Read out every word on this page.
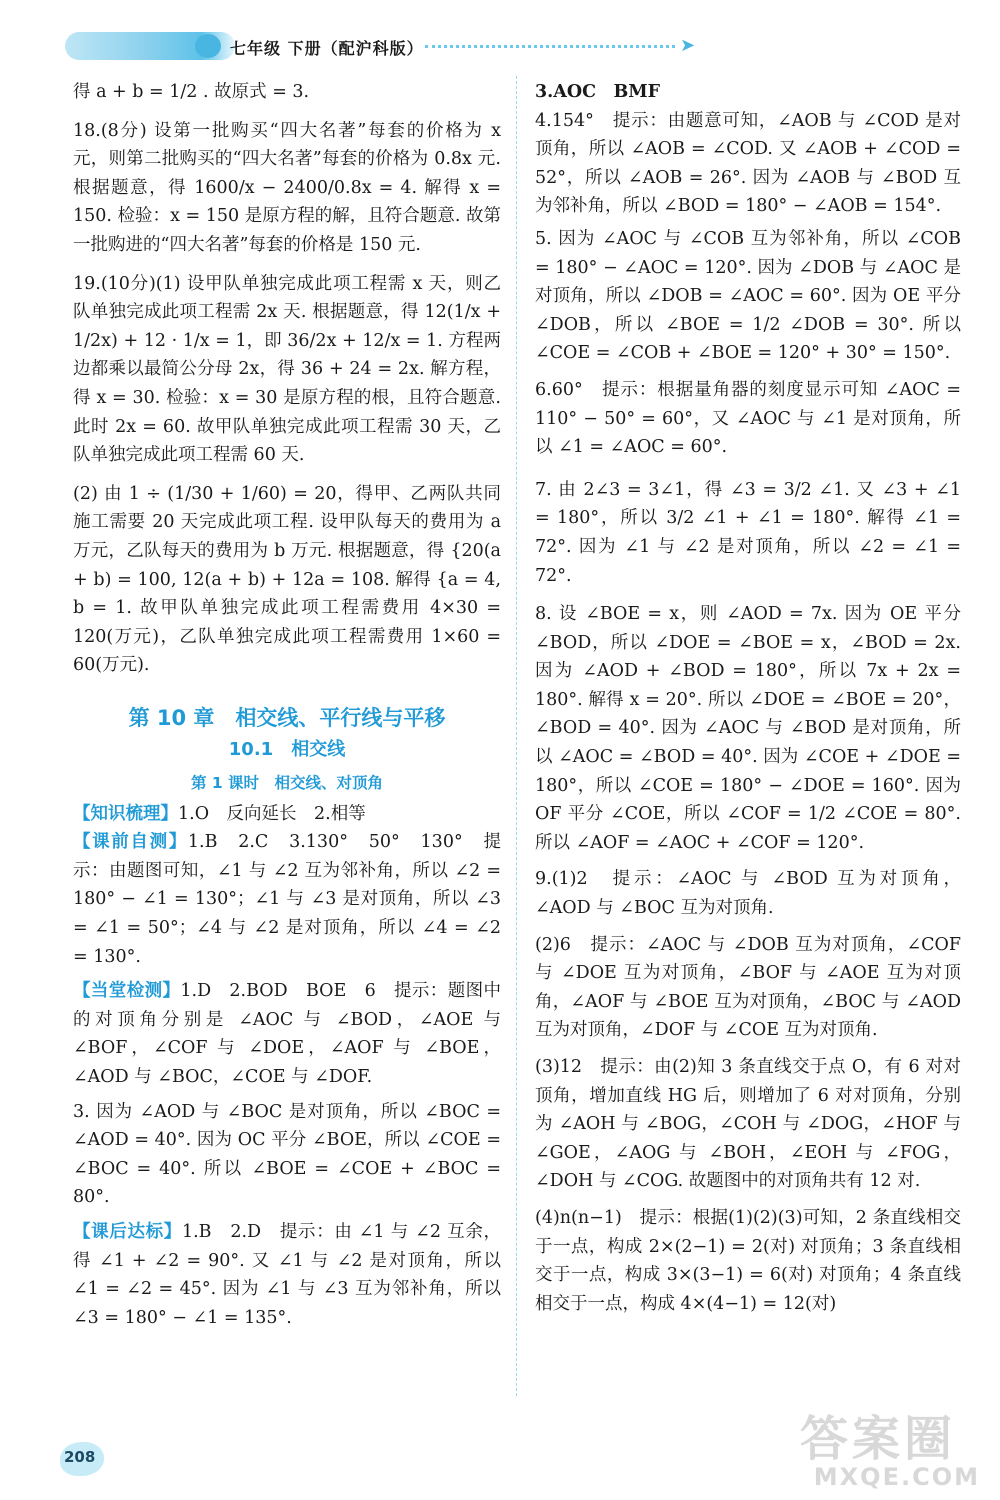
七年级 下册（配沪科版）	➤

得 a + b = 1/2 . 故原式 = 3.

18.(8分) 设第一批购买“四大名著”每套的价格为 x 元，则第二批购买的“四大名著”每套的价格为 0.8x 元. 根据题意，得 1600/x − 2400/0.8x = 4. 解得 x = 150. 检验：x = 150 是原方程的解，且符合题意. 故第一批购进的“四大名著”每套的价格是 150 元.

19.(10分)(1) 设甲队单独完成此项工程需 x 天，则乙队单独完成此项工程需 2x 天. 根据题意，得 12(1/x + 1/2x) + 12 · 1/x = 1，即 36/2x + 12/x = 1. 方程两边都乘以最简公分母 2x，得 36 + 24 = 2x. 解方程，得 x = 30. 检验：x = 30 是原方程的根，且符合题意. 此时 2x = 60. 故甲队单独完成此项工程需 30 天，乙队单独完成此项工程需 60 天.

(2) 由 1 ÷ (1/30 + 1/60) = 20，得甲、乙两队共同施工需要 20 天完成此项工程. 设甲队每天的费用为 a 万元，乙队每天的费用为 b 万元. 根据题意，得 {20(a + b) = 100, 12(a + b) + 12a = 108. 解得 {a = 4, b = 1. 故甲队单独完成此项工程需费用 4×30 = 120(万元)，乙队单独完成此项工程需费用 1×60 = 60(万元).

第 10 章　相交线、平行线与平移
10.1　相交线
第 1 课时　相交线、对顶角

【知识梳理】1.O　反向延长　2.相等

【课前自测】1.B　2.C　3.130°　50°　130°　提示：由题图可知，∠1 与 ∠2 互为邻补角，所以 ∠2 = 180° − ∠1 = 130°；∠1 与 ∠3 是对顶角，所以 ∠3 = ∠1 = 50°；∠4 与 ∠2 是对顶角，所以 ∠4 = ∠2 = 130°.

【当堂检测】1.D　2.BOD　BOE　6　提示：题图中的对顶角分别是 ∠AOC 与 ∠BOD，∠AOE 与 ∠BOF，∠COF 与 ∠DOE，∠AOF 与 ∠BOE，∠AOD 与 ∠BOC，∠COE 与 ∠DOF.

3. 因为 ∠AOD 与 ∠BOC 是对顶角，所以 ∠BOC = ∠AOD = 40°. 因为 OC 平分 ∠BOE，所以 ∠COE = ∠BOC = 40°. 所以 ∠BOE = ∠COE + ∠BOC = 80°.

【课后达标】1.B　2.D　提示：由 ∠1 与 ∠2 互余，得 ∠1 + ∠2 = 90°. 又 ∠1 与 ∠2 是对顶角，所以 ∠1 = ∠2 = 45°. 因为 ∠1 与 ∠3 互为邻补角，所以 ∠3 = 180° − ∠1 = 135°.

3.AOC　BMF

4.154°　提示：由题意可知，∠AOB 与 ∠COD 是对顶角，所以 ∠AOB = ∠COD. 又 ∠AOB + ∠COD = 52°，所以 ∠AOB = 26°. 因为 ∠AOB 与 ∠BOD 互为邻补角，所以 ∠BOD = 180° − ∠AOB = 154°.

5. 因为 ∠AOC 与 ∠COB 互为邻补角，所以 ∠COB = 180° − ∠AOC = 120°. 因为 ∠DOB 与 ∠AOC 是对顶角，所以 ∠DOB = ∠AOC = 60°. 因为 OE 平分 ∠DOB，所以 ∠BOE = 1/2 ∠DOB = 30°. 所以 ∠COE = ∠COB + ∠BOE = 120° + 30° = 150°.

6.60°　提示：根据量角器的刻度显示可知 ∠AOC = 110° − 50° = 60°，又 ∠AOC 与 ∠1 是对顶角，所以 ∠1 = ∠AOC = 60°.

7. 由 2∠3 = 3∠1，得 ∠3 = 3/2 ∠1. 又 ∠3 + ∠1 = 180°，所以 3/2 ∠1 + ∠1 = 180°. 解得 ∠1 = 72°. 因为 ∠1 与 ∠2 是对顶角，所以 ∠2 = ∠1 = 72°.

8. 设 ∠BOE = x，则 ∠AOD = 7x. 因为 OE 平分 ∠BOD，所以 ∠DOE = ∠BOE = x，∠BOD = 2x. 因为 ∠AOD + ∠BOD = 180°，所以 7x + 2x = 180°. 解得 x = 20°. 所以 ∠DOE = ∠BOE = 20°，∠BOD = 40°. 因为 ∠AOC 与 ∠BOD 是对顶角，所以 ∠AOC = ∠BOD = 40°. 因为 ∠COE + ∠DOE = 180°，所以 ∠COE = 180° − ∠DOE = 160°. 因为 OF 平分 ∠COE，所以 ∠COF = 1/2 ∠COE = 80°. 所以 ∠AOF = ∠AOC + ∠COF = 120°.

9.(1)2　提示：∠AOC 与 ∠BOD 互为对顶角，∠AOD 与 ∠BOC 互为对顶角.

(2)6　提示：∠AOC 与 ∠DOB 互为对顶角，∠COF 与 ∠DOE 互为对顶角，∠BOF 与 ∠AOE 互为对顶角，∠AOF 与 ∠BOE 互为对顶角，∠BOC 与 ∠AOD 互为对顶角，∠DOF 与 ∠COE 互为对顶角.

(3)12　提示：由(2)知 3 条直线交于点 O，有 6 对对顶角，增加直线 HG 后，则增加了 6 对对顶角，分别为 ∠AOH 与 ∠BOG，∠COH 与 ∠DOG，∠HOF 与 ∠GOE，∠AOG 与 ∠BOH，∠EOH 与 ∠FOG，∠DOH 与 ∠COG. 故题图中的对顶角共有 12 对.

(4)n(n−1)　提示：根据(1)(2)(3)可知，2 条直线相交于一点，构成 2×(2−1) = 2(对) 对顶角；3 条直线相交于一点，构成 3×(3−1) = 6(对) 对顶角；4 条直线相交于一点，构成 4×(4−1) = 12(对)

208	答案圈
MXQE.COM
